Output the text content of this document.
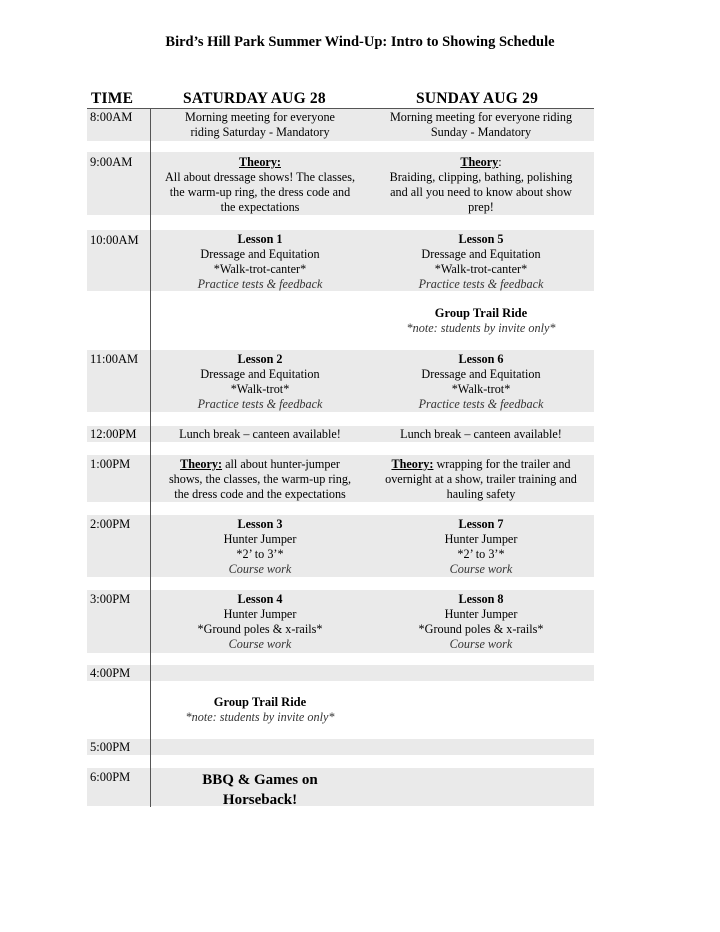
Bird’s Hill Park Summer Wind-Up: Intro to Showing Schedule
TIME	SATURDAY AUG 28	SUNDAY AUG 29
8:00AM
9:00AM
10:00AM
11:00AM
12:00PM
1:00PM
2:00PM
3:00PM
4:00PM
5:00PM
6:00PM
Morning meeting for everyone
riding Saturday - Mandatory
Theory:
All about dressage shows! The classes,
the warm-up ring, the dress code and
the expectations
Lesson 1
Dressage and Equitation
*Walk-trot-canter*
Practice tests & feedback
Lesson 2
Dressage and Equitation
*Walk-trot*
Practice tests & feedback
Lunch break – canteen available!
Theory: all about hunter-jumper
shows, the classes, the warm-up ring,
the dress code and the expectations
Lesson 3
Hunter Jumper
*2’ to 3’*
Course work
Lesson 4
Hunter Jumper
*Ground poles & x-rails*
Course work
Group Trail Ride
*note: students by invite only*
BBQ & Games on
Horseback!
Morning meeting for everyone riding
Sunday - Mandatory
Theory:
Braiding, clipping, bathing, polishing
and all you need to know about show
prep!
Lesson 5
Dressage and Equitation
*Walk-trot-canter*
Practice tests & feedback
Group Trail Ride
*note: students by invite only*
Lesson 6
Dressage and Equitation
*Walk-trot*
Practice tests & feedback
Lunch break – canteen available!
Theory: wrapping for the trailer and
overnight at a show, trailer training and
hauling safety
Lesson 7
Hunter Jumper
*2’ to 3’*
Course work
Lesson 8
Hunter Jumper
*Ground poles & x-rails*
Course work
